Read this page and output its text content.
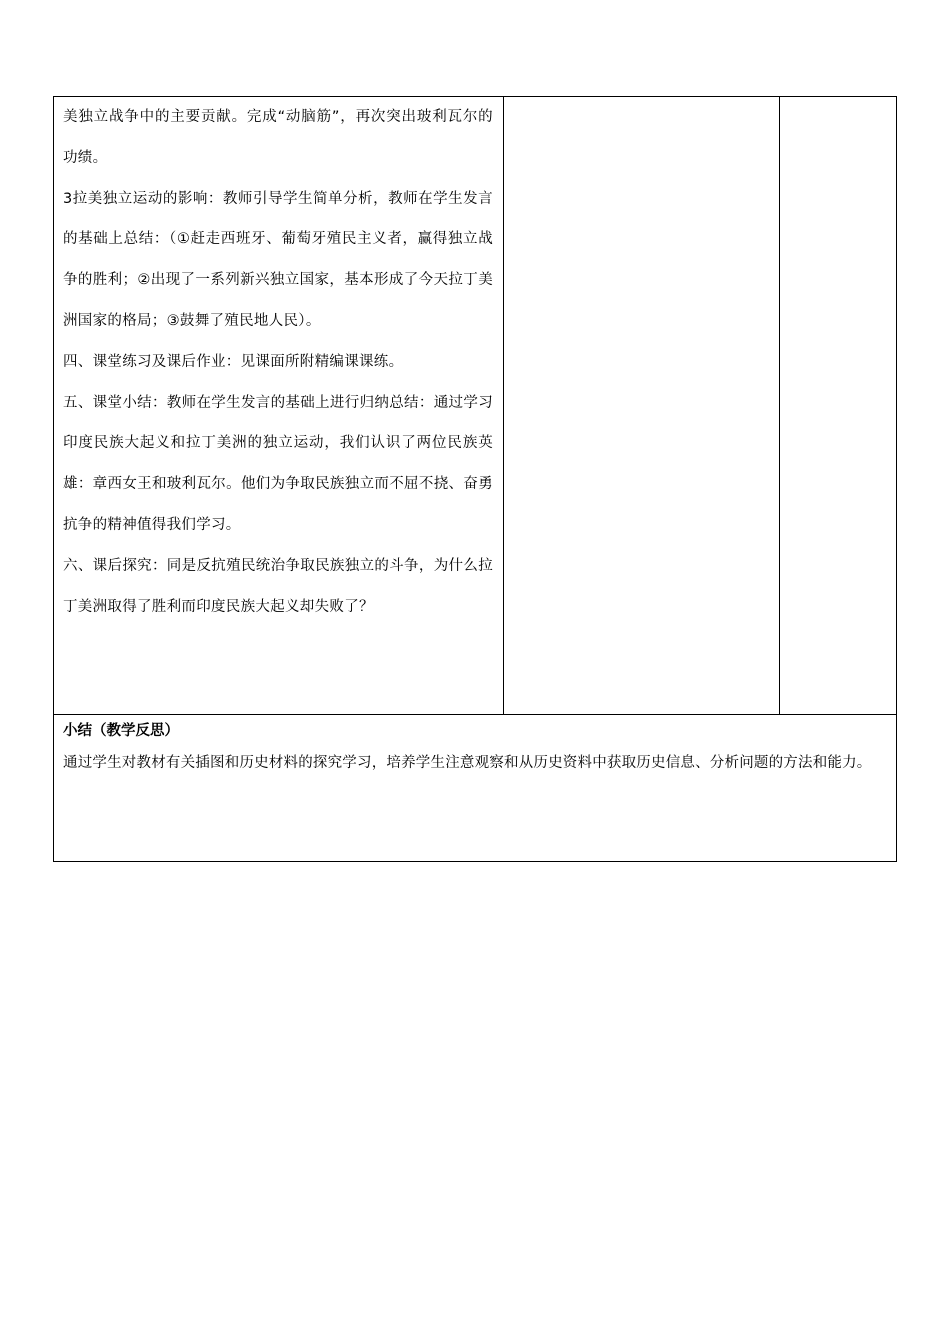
美独立战争中的主要贡献。完成“动脑筋”，再次突出玻利瓦尔的功绩。

3拉美独立运动的影响：教师引导学生简单分析，教师在学生发言的基础上总结：（①赶走西班牙、葡萄牙殖民主义者，赢得独立战争的胜利；②出现了一系列新兴独立国家，基本形成了今天拉丁美洲国家的格局；③鼓舞了殖民地人民）。

四、课堂练习及课后作业：见课面所附精编课课练。

五、课堂小结：教师在学生发言的基础上进行归纳总结：通过学习印度民族大起义和拉丁美洲的独立运动，我们认识了两位民族英雄：章西女王和玻利瓦尔。他们为争取民族独立而不屈不挠、奋勇抗争的精神值得我们学习。

六、课后探究：同是反抗殖民统治争取民族独立的斗争，为什么拉丁美洲取得了胜利而印度民族大起义却失败了？

小结（教学反思）

通过学生对教材有关插图和历史材料的探究学习，培养学生注意观察和从历史资料中获取历史信息、分析问题的方法和能力。
